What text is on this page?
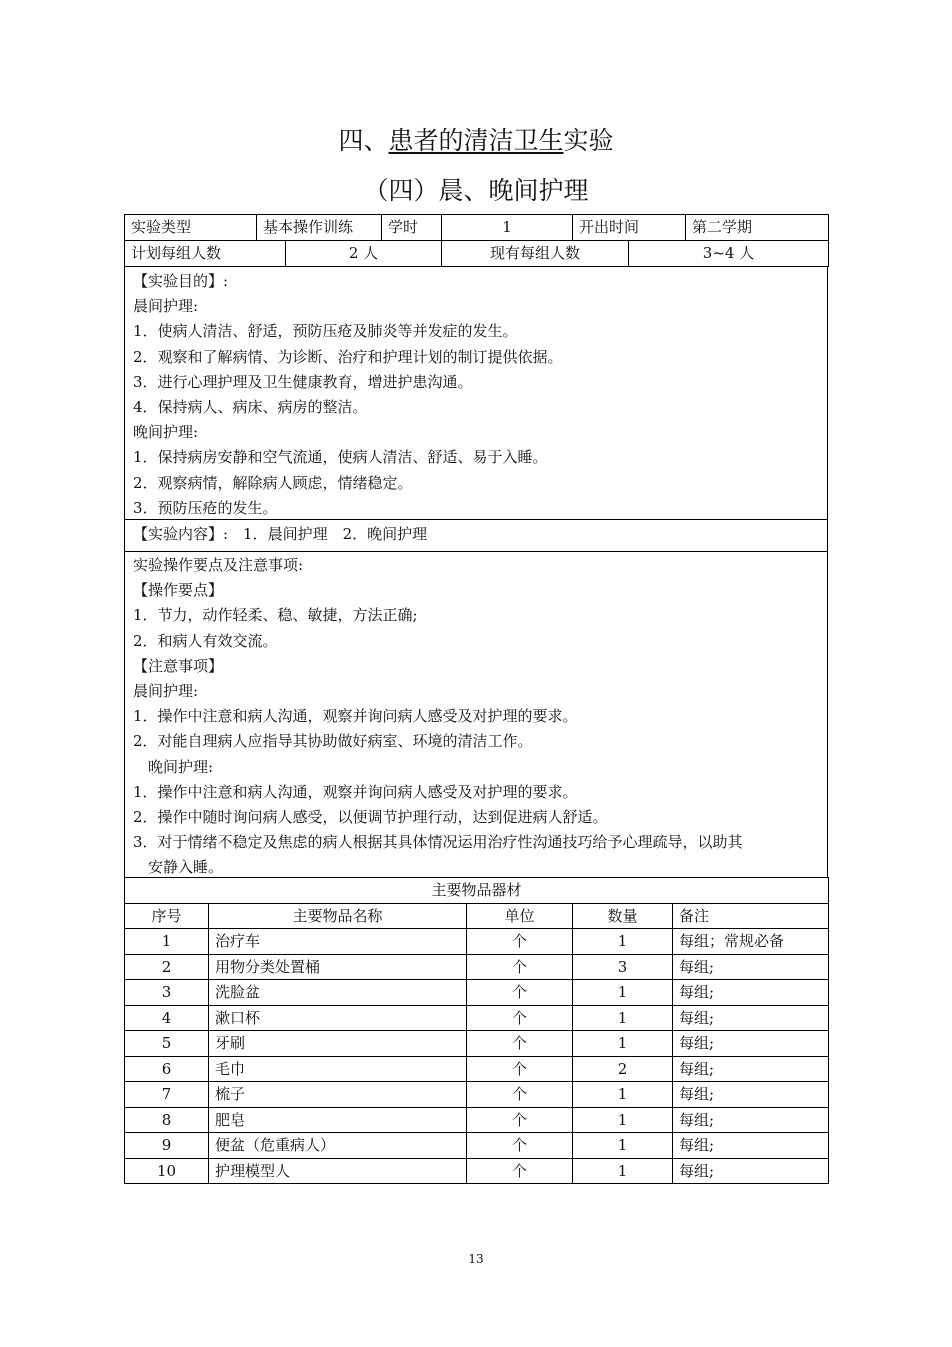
四、患者的清洁卫生实验
（四）晨、晚间护理
实验类型	基本操作训练	学时	1	开出时间	第二学期
计划每组人数	2 人	现有每组人数	3~4 人
【实验目的】:
晨间护理:
1．使病人清洁、舒适，预防压疮及肺炎等并发症的发生。
2．观察和了解病情、为诊断、治疗和护理计划的制订提供依据。
3．进行心理护理及卫生健康教育，增进护患沟通。
4．保持病人、病床、病房的整洁。
晚间护理:
1．保持病房安静和空气流通，使病人清洁、舒适、易于入睡。
2．观察病情，解除病人顾虑，情绪稳定。
3．预防压疮的发生。
【实验内容】:　1．晨间护理　2．晚间护理
实验操作要点及注意事项:
【操作要点】
1．节力，动作轻柔、稳、敏捷，方法正确;
2．和病人有效交流。
【注意事项】
晨间护理:
1．操作中注意和病人沟通，观察并询问病人感受及对护理的要求。
2．对能自理病人应指导其协助做好病室、环境的清洁工作。
　晚间护理:
1．操作中注意和病人沟通，观察并询问病人感受及对护理的要求。
2．操作中随时询问病人感受，以便调节护理行动，达到促进病人舒适。
3．对于情绪不稳定及焦虑的病人根据其具体情况运用治疗性沟通技巧给予心理疏导，以助其
　安静入睡。
主要物品器材				
序号	主要物品名称	单位	数量	备注
1	治疗车	个	1	每组；常规必备
2	用物分类处置桶	个	3	每组;
3	洗脸盆	个	1	每组;
4	漱口杯	个	1	每组;
5	牙刷	个	1	每组;
6	毛巾	个	2	每组;
7	梳子	个	1	每组;
8	肥皂	个	1	每组;
9	便盆（危重病人）	个	1	每组;
10	护理模型人	个	1	每组;
13
